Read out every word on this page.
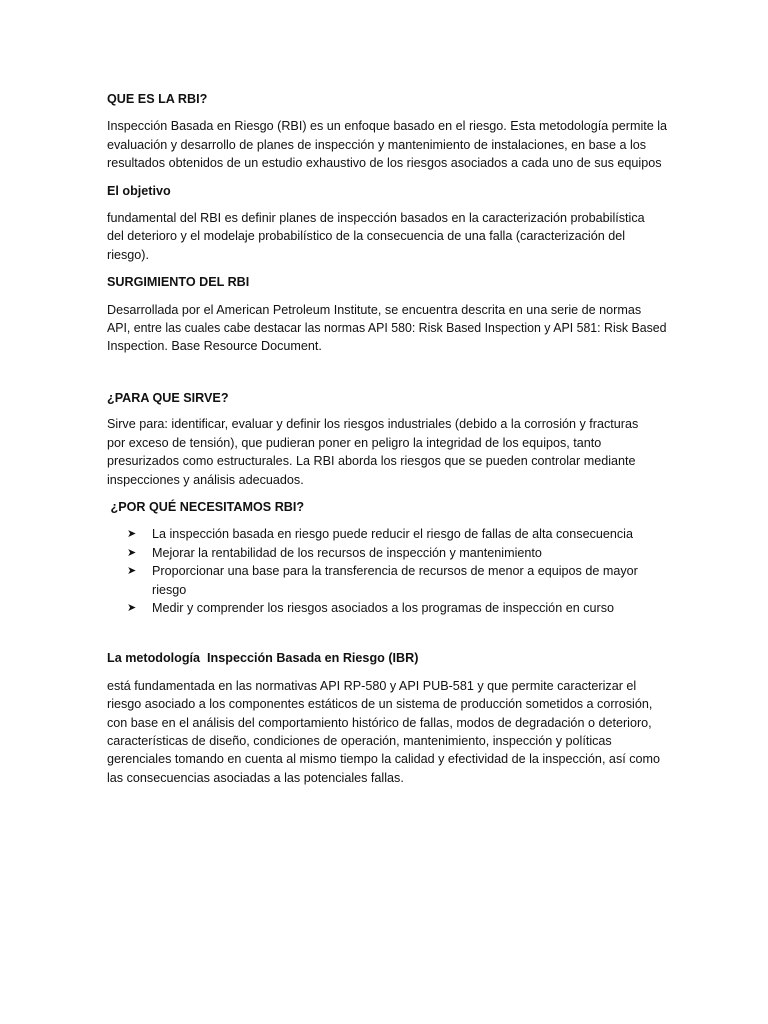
QUE ES LA RBI?

Inspección Basada en Riesgo (RBI) es un enfoque basado en el riesgo. Esta metodología permite la
evaluación y desarrollo de planes de inspección y mantenimiento de instalaciones, en base a los
resultados obtenidos de un estudio exhaustivo de los riesgos asociados a cada uno de sus equipos

El objetivo

fundamental del RBI es definir planes de inspección basados en la caracterización probabilística
del deterioro y el modelaje probabilístico de la consecuencia de una falla (caracterización del
riesgo).

SURGIMIENTO DEL RBI

Desarrollada por el American Petroleum Institute, se encuentra descrita en una serie de normas
API, entre las cuales cabe destacar las normas API 580: Risk Based Inspection y API 581: Risk Based
Inspection. Base Resource Document.

¿PARA QUE SIRVE?

Sirve para: identificar, evaluar y definir los riesgos industriales (debido a la corrosión y fracturas
por exceso de tensión), que pudieran poner en peligro la integridad de los equipos, tanto
presurizados como estructurales. La RBI aborda los riesgos que se pueden controlar mediante
inspecciones y análisis adecuados.

¿POR QUÉ NECESITAMOS RBI?

➤ La inspección basada en riesgo puede reducir el riesgo de fallas de alta consecuencia
➤ Mejorar la rentabilidad de los recursos de inspección y mantenimiento
➤ Proporcionar una base para la transferencia de recursos de menor a equipos de mayor
riesgo
➤ Medir y comprender los riesgos asociados a los programas de inspección en curso

La metodología  Inspección Basada en Riesgo (IBR)

está fundamentada en las normativas API RP-580 y API PUB-581 y que permite caracterizar el
riesgo asociado a los componentes estáticos de un sistema de producción sometidos a corrosión,
con base en el análisis del comportamiento histórico de fallas, modos de degradación o deterioro,
características de diseño, condiciones de operación, mantenimiento, inspección y políticas
gerenciales tomando en cuenta al mismo tiempo la calidad y efectividad de la inspección, así como
las consecuencias asociadas a las potenciales fallas.
